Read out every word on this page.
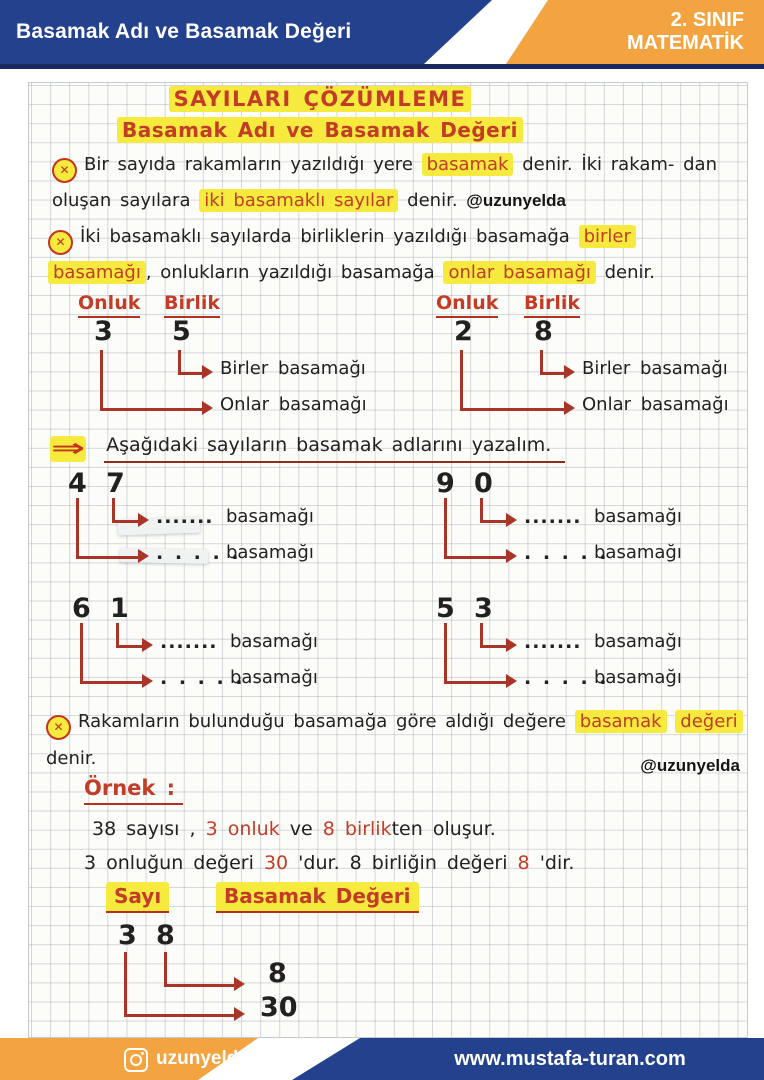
Basamak Adı ve Basamak Değeri	2. SINIF
MATEMATİK
SAYILARI ÇÖZÜMLEME
Basamak Adı ve Basamak Değeri
✕ Bir sayıda rakamların yazıldığı yere basamak denir. İki rakam- dan oluşan sayılara iki basamaklı sayılar denir. @uzunyelda
✕ İki basamaklı sayılarda birliklerin yazıldığı basamağa birler basamağı , onlukların yazıldığı basamağa onlar basamağı denir.
Onluk Birlik
3 5
Birler basamağı
Onlar basamağı
Onluk Birlik
2 8
Birler basamağı
Onlar basamağı
⇒ Aşağıdaki sayıların basamak adlarını yazalım.
4 7
....... basamağı
. . . . .
basamağı
9 0
....... basamağı
. . . . .
basamağı
6 1
....... basamağı
. . . . .
basamağı
5 3
....... basamağı
. . . . .
basamağı
✕ Rakamların bulunduğu basamağa göre aldığı değere basamak değeri denir.	@uzunyelda
Örnek :
38 sayısı , 3 onluk ve 8 birlikten oluşur.
3 onluğun değeri 30 'dur. 8 birliğin değeri 8 'dir.
Sayı	Basamak Değeri
3 8
8
30
uzunyelda	www.mustafa-turan.com
